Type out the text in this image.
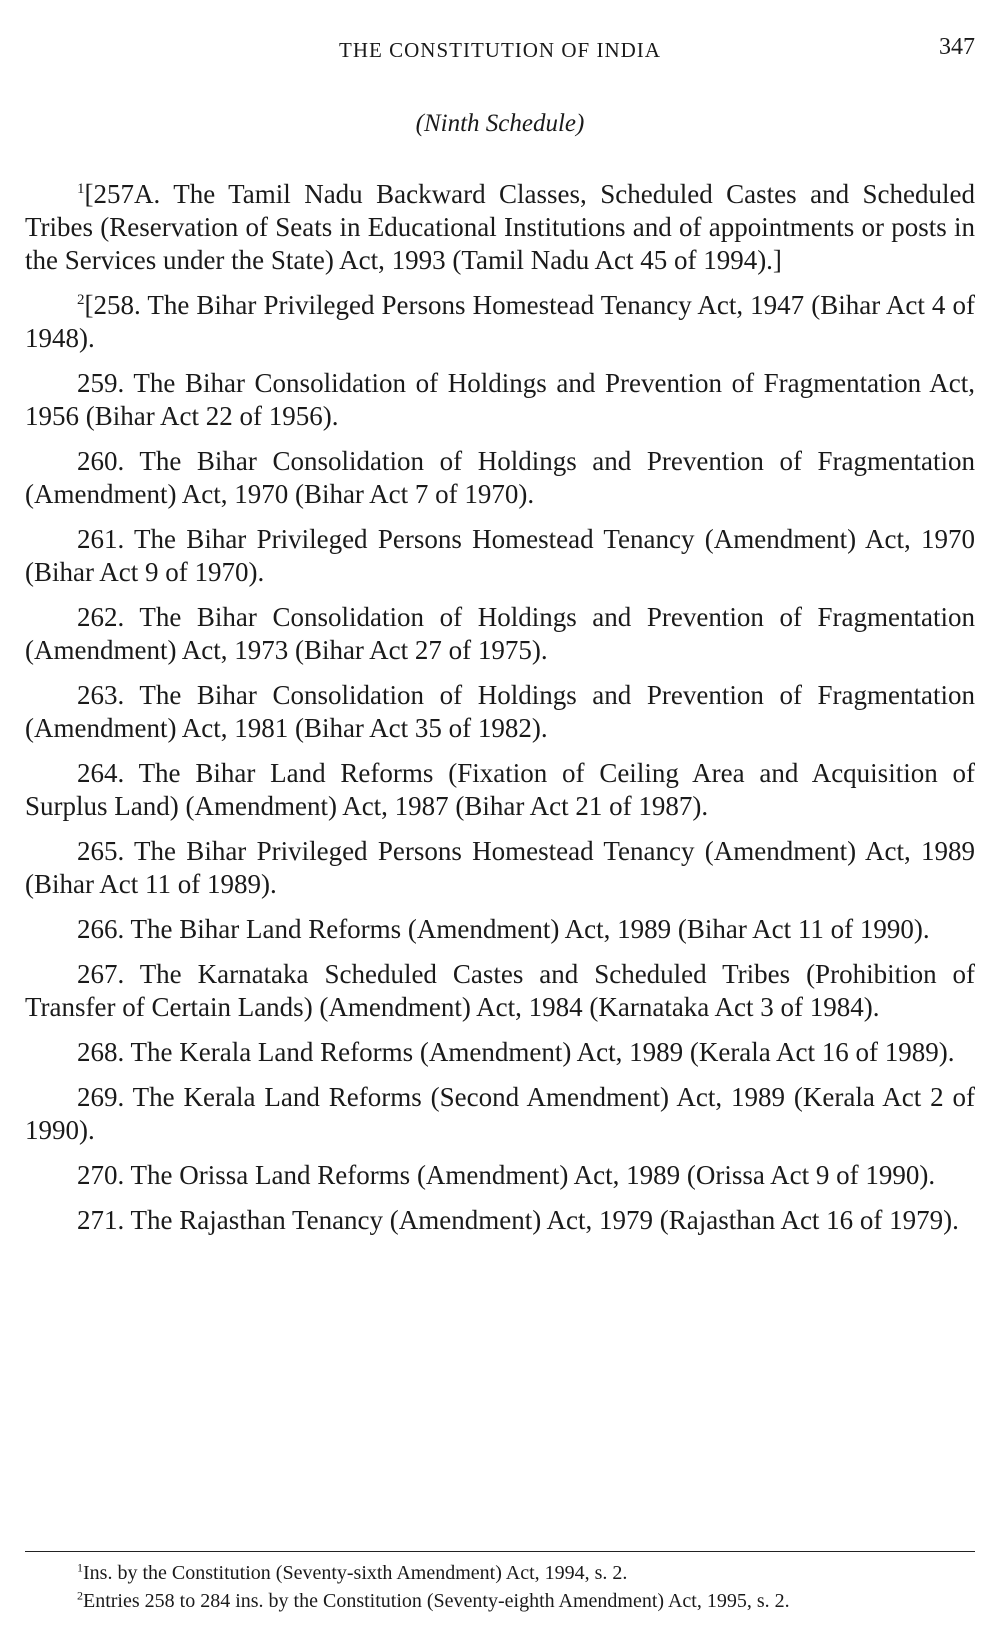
THE CONSTITUTION OF INDIA	347
(Ninth Schedule)

$^1$[257A. The Tamil Nadu Backward Classes, Scheduled Castes and Scheduled Tribes (Reservation of Seats in Educational Institutions and of appointments or posts in the Services under the State) Act, 1993 (Tamil Nadu Act 45 of 1994).]

$^2$[258. The Bihar Privileged Persons Homestead Tenancy Act, 1947 (Bihar Act 4 of 1948).

259. The Bihar Consolidation of Holdings and Prevention of Fragmentation Act, 1956 (Bihar Act 22 of 1956).

260. The Bihar Consolidation of Holdings and Prevention of Fragmentation (Amendment) Act, 1970 (Bihar Act 7 of 1970).

261. The Bihar Privileged Persons Homestead Tenancy (Amendment) Act, 1970 (Bihar Act 9 of 1970).

262. The Bihar Consolidation of Holdings and Prevention of Fragmentation (Amendment) Act, 1973 (Bihar Act 27 of 1975).

263. The Bihar Consolidation of Holdings and Prevention of Fragmentation (Amendment) Act, 1981 (Bihar Act 35 of 1982).

264. The Bihar Land Reforms (Fixation of Ceiling Area and Acquisition of Surplus Land) (Amendment) Act, 1987 (Bihar Act 21 of 1987).

265. The Bihar Privileged Persons Homestead Tenancy (Amendment) Act, 1989 (Bihar Act 11 of 1989).

266. The Bihar Land Reforms (Amendment) Act, 1989 (Bihar Act 11 of 1990).

267. The Karnataka Scheduled Castes and Scheduled Tribes (Prohibition of Transfer of Certain Lands) (Amendment) Act, 1984 (Karnataka Act 3 of 1984).

268. The Kerala Land Reforms (Amendment) Act, 1989 (Kerala Act 16 of 1989).

269. The Kerala Land Reforms (Second Amendment) Act, 1989 (Kerala Act 2 of 1990).

270. The Orissa Land Reforms (Amendment) Act, 1989 (Orissa Act 9 of 1990).

271. The Rajasthan Tenancy (Amendment) Act, 1979 (Rajasthan Act 16 of 1979).

$^1$Ins. by the Constitution (Seventy-sixth Amendment) Act, 1994, s. 2.
$^2$Entries 258 to 284 ins. by the Constitution (Seventy-eighth Amendment) Act, 1995, s. 2.
